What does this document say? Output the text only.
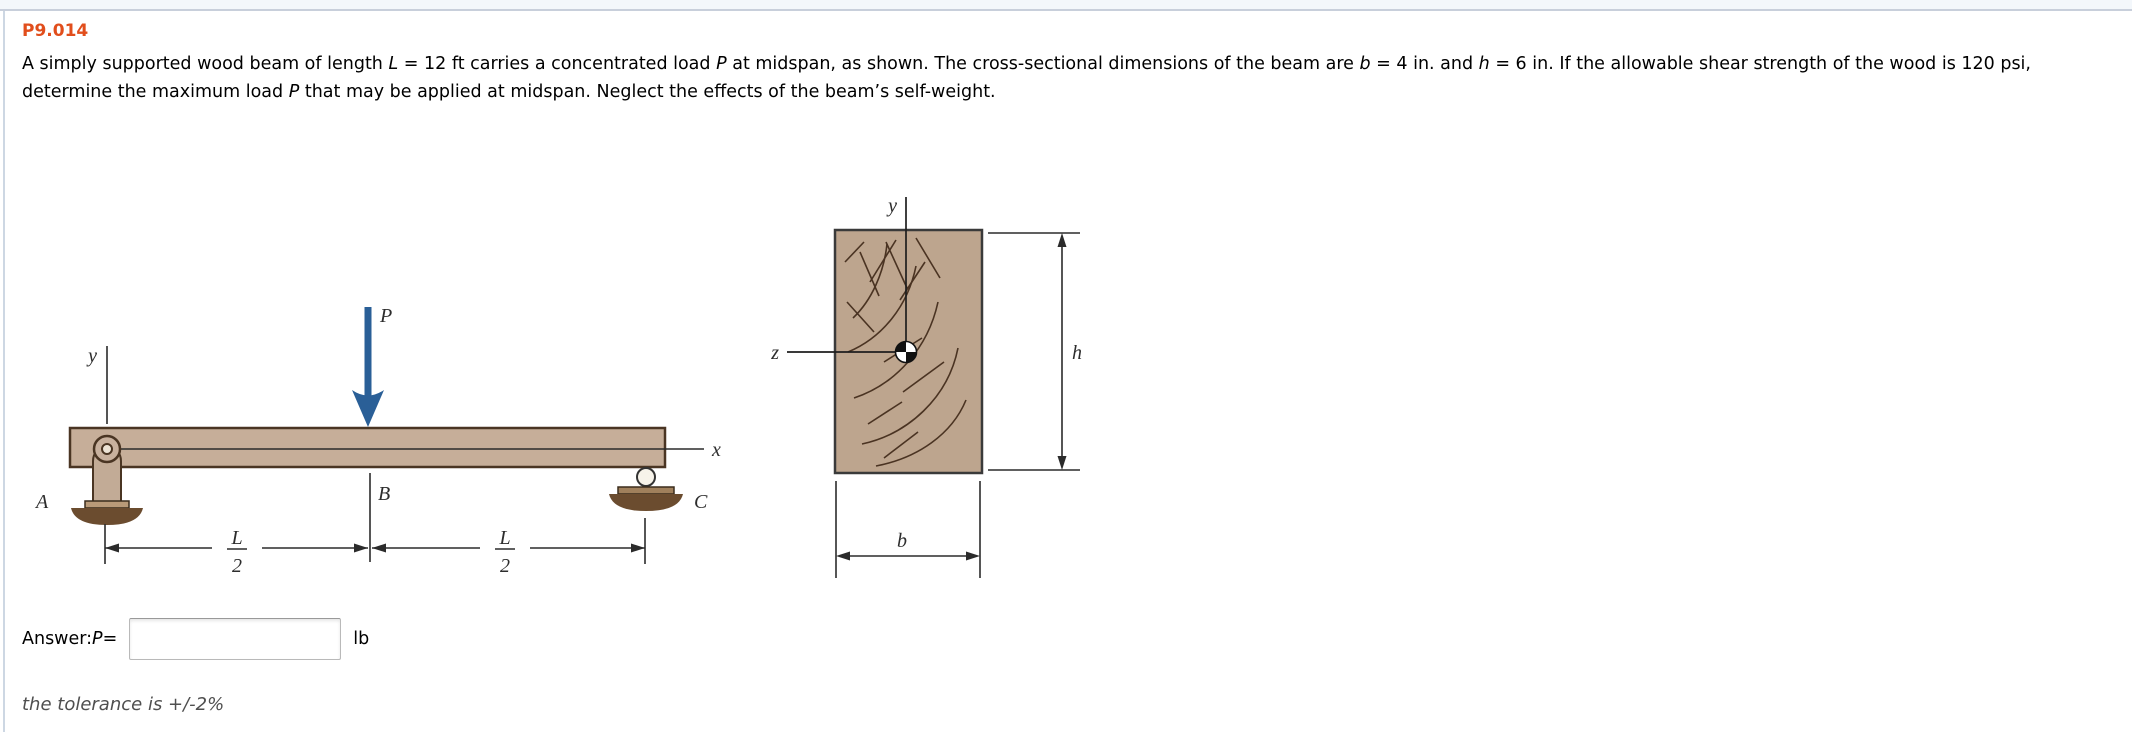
P9.014
A simply supported wood beam of length L = 12 ft carries a concentrated load P at midspan, as shown. The cross-sectional dimensions of the beam are b = 4 in. and h = 6 in. If the allowable shear strength of the wood is 120 psi, determine the maximum load P that may be applied at midspan. Neglect the effects of the beam’s self-weight.
y
x
P
A	C
B
L
2
L
2
y
z	h
b
Answer: P =	lb
the tolerance is +/-2%
